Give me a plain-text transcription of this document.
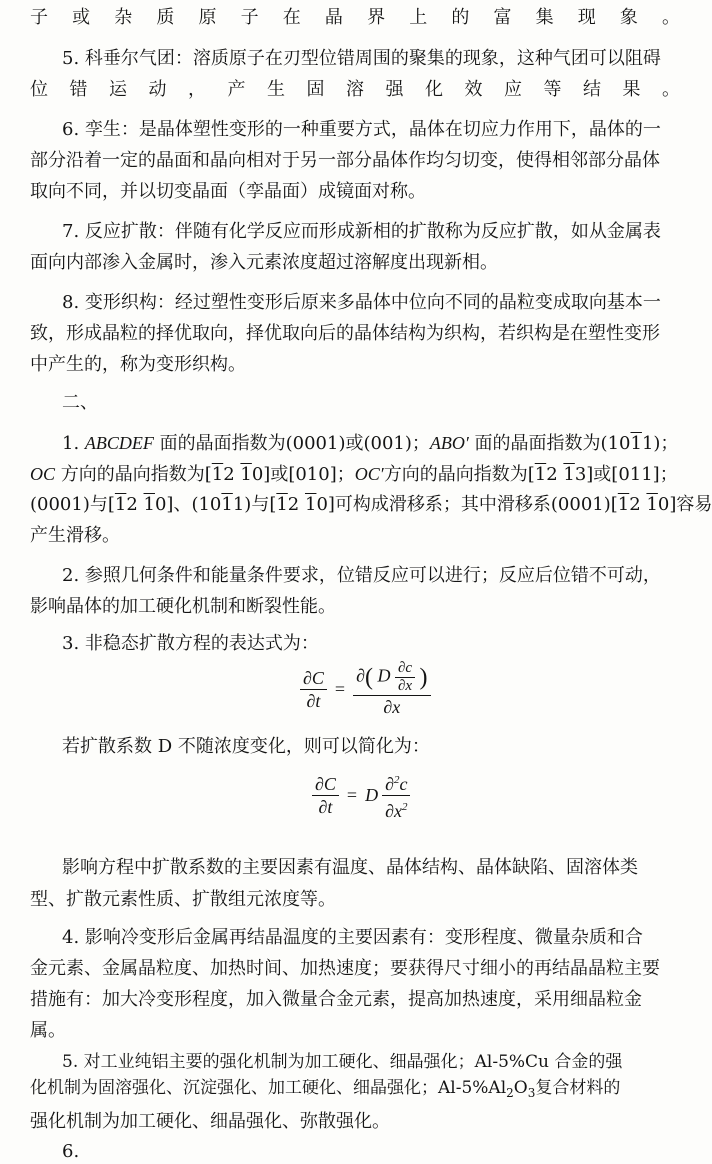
子或杂质原子在晶界上的富集现象。
5. 科垂尔气团：溶质原子在刃型位错周围的聚集的现象，这种气团可以阻碍
位错运动，产生固溶强化效应等结果。
6. 孪生：是晶体塑性变形的一种重要方式，晶体在切应力作用下，晶体的一
部分沿着一定的晶面和晶向相对于另一部分晶体作均匀切变，使得相邻部分晶体
取向不同，并以切变晶面（孪晶面）成镜面对称。
7. 反应扩散：伴随有化学反应而形成新相的扩散称为反应扩散，如从金属表
面向内部渗入金属时，渗入元素浓度超过溶解度出现新相。
8. 变形织构：经过塑性变形后原来多晶体中位向不同的晶粒变成取向基本一
致，形成晶粒的择优取向，择优取向后的晶体结构为织构，若织构是在塑性变形
中产生的，称为变形织构。
二、
1. ABCDEF 面的晶面指数为(0001)或(001)；ABO′ 面的晶面指数为(1011)；
OC 方向的晶向指数为[12 10]或[010]；OC′方向的晶向指数为[12 13]或[011]；
(0001)与[12 10]、(1011)与[12 10]可构成滑移系；其中滑移系(0001)[12 10]容易
产生滑移。
2. 参照几何条件和能量条件要求，位错反应可以进行；反应后位错不可动，
影响晶体的加工硬化机制和断裂性能。
3. 非稳态扩散方程的表达式为：
$\frac{\partial C}{\partial t} = \frac{\partial( D \frac{\partial c}{\partial x} )}{\partial x}$
若扩散系数 D 不随浓度变化，则可以简化为：
$\frac{\partial C}{\partial t} = D \frac{\partial^2c}{\partial x^2}$
影响方程中扩散系数的主要因素有温度、晶体结构、晶体缺陷、固溶体类
型、扩散元素性质、扩散组元浓度等。
4. 影响冷变形后金属再结晶温度的主要因素有：变形程度、微量杂质和合
金元素、金属晶粒度、加热时间、加热速度；要获得尺寸细小的再结晶晶粒主要
措施有：加大冷变形程度，加入微量合金元素，提高加热速度，采用细晶粒金
属。
5. 对工业纯铝主要的强化机制为加工硬化、细晶强化；Al-5%Cu 合金的强
化机制为固溶强化、沉淀强化、加工硬化、细晶强化；$Al-5\%Al_2O_3$复合材料的
强化机制为加工硬化、细晶强化、弥散强化。
6.
